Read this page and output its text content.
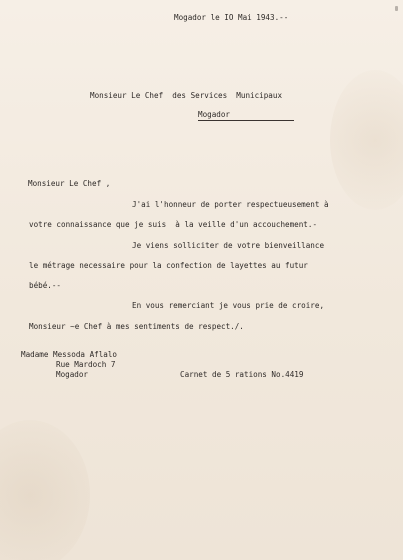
Mogador le IO Mai 1943.--
Monsieur Le Chef  des Services  Municipaux
Mogador
Monsieur Le Chef ,
J'ai l'honneur de porter respectueusement à
votre connaissance que je suis  à la veille d'un accouchement.-
Je viens solliciter de votre bienveillance
le métrage necessaire pour la confection de layettes au futur
bébé.--
En vous remerciant je vous prie de croire,
Monsieur ~e Chef à mes sentiments de respect./.
Madame Messoda Aflalo
Rue Mardoch 7
Mogador	Carnet de 5 rations No.4419
